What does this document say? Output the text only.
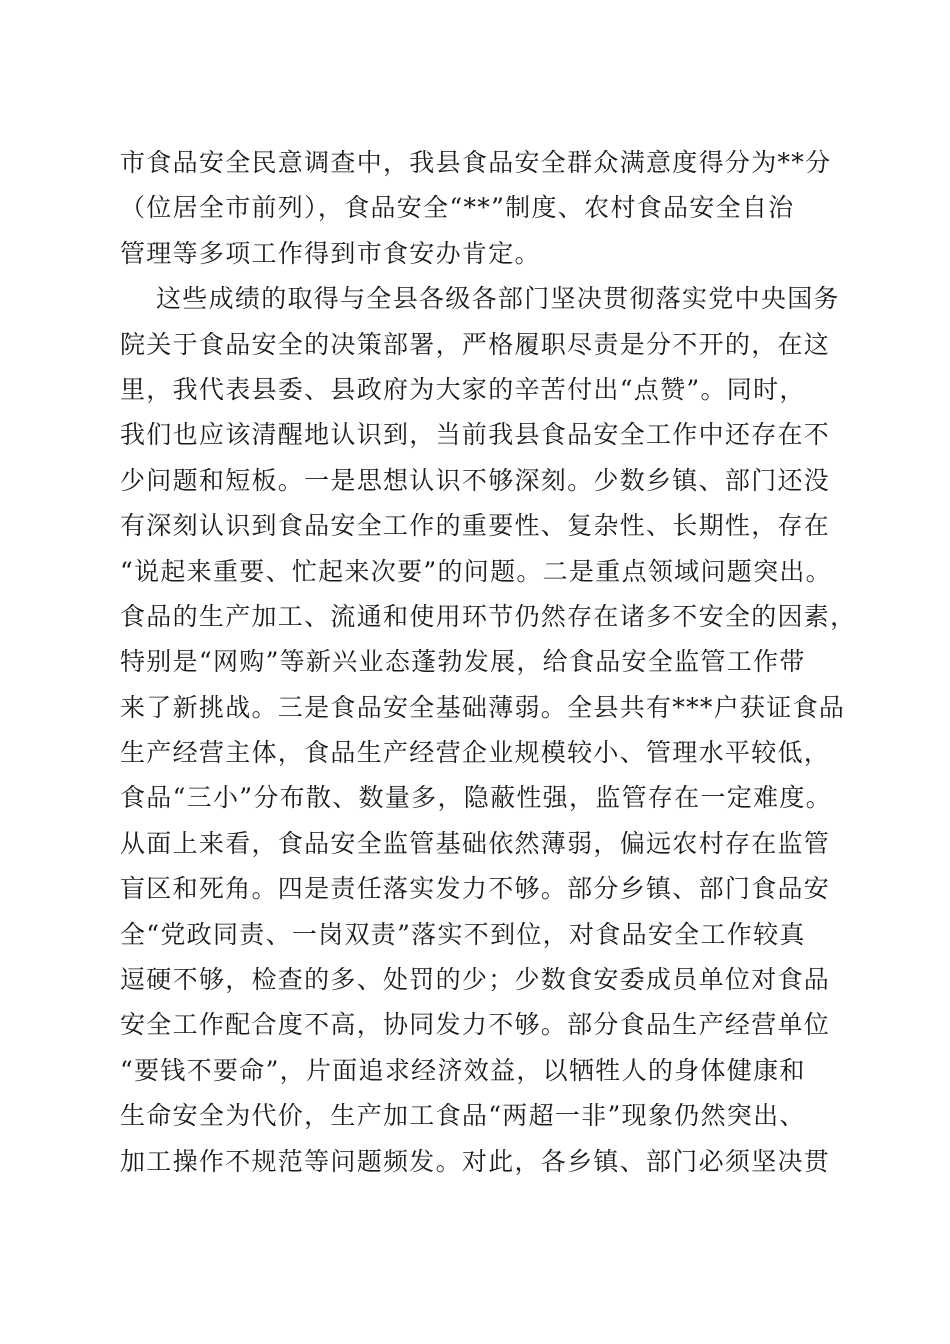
市食品安全民意调查中，我县食品安全群众满意度得分为**分
（位居全市前列），食品安全“**”制度、农村食品安全自治
管理等多项工作得到市食安办肯定。
这些成绩的取得与全县各级各部门坚决贯彻落实党中央国务
院关于食品安全的决策部署，严格履职尽责是分不开的，在这
里，我代表县委、县政府为大家的辛苦付出“点赞”。同时，
我们也应该清醒地认识到，当前我县食品安全工作中还存在不
少问题和短板。一是思想认识不够深刻。少数乡镇、部门还没
有深刻认识到食品安全工作的重要性、复杂性、长期性，存在
“说起来重要、忙起来次要”的问题。二是重点领域问题突出。
食品的生产加工、流通和使用环节仍然存在诸多不安全的因素，
特别是“网购”等新兴业态蓬勃发展，给食品安全监管工作带
来了新挑战。三是食品安全基础薄弱。全县共有***户获证食品
生产经营主体，食品生产经营企业规模较小、管理水平较低，
食品“三小”分布散、数量多，隐蔽性强，监管存在一定难度。
从面上来看，食品安全监管基础依然薄弱，偏远农村存在监管
盲区和死角。四是责任落实发力不够。部分乡镇、部门食品安
全“党政同责、一岗双责”落实不到位，对食品安全工作较真
逗硬不够，检查的多、处罚的少；少数食安委成员单位对食品
安全工作配合度不高，协同发力不够。部分食品生产经营单位
“要钱不要命”，片面追求经济效益，以牺牲人的身体健康和
生命安全为代价，生产加工食品“两超一非”现象仍然突出、
加工操作不规范等问题频发。对此，各乡镇、部门必须坚决贯
